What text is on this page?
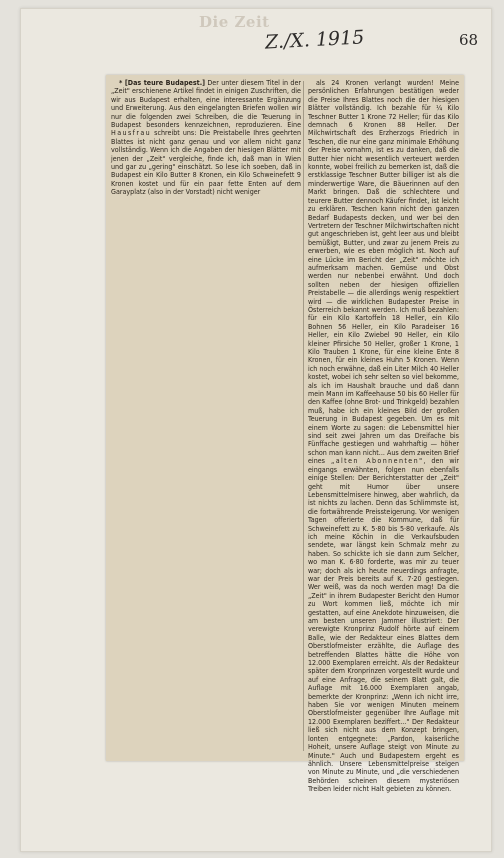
Die Zeit
Z./X. 1915	68

* [Das teure Budapest.] Der unter diesem Titel in der „Zeit" erschienene Artikel findet in einigen Zuschriften, die wir aus Budapest erhalten, eine interessante Ergänzung und Erweiterung. Aus den eingelangten Briefen wollen wir nur die folgenden zwei Schreiben, die die Teuerung in Budapest besonders kennzeichnen, reproduzieren. Eine Hausfrau schreibt uns: Die Preistabelle Ihres geehrten Blattes ist nicht ganz genau und vor allem nicht ganz vollständig. Wenn ich die Angaben der hiesigen Blätter mit jenen der „Zeit" vergleiche, finde ich, daß man in Wien und gar zu „gering" einschätzt. So lese ich soeben, daß in Budapest ein Kilo Butter 8 Kronen, ein Kilo Schweinefett 9 Kronen kostet und für ein paar fette Enten auf dem Garayplatz (also in der Vorstadt) nicht weniger

als 24 Kronen verlangt wurden! Meine persönlichen Erfahrungen bestätigen weder die Preise Ihres Blattes noch die der hiesigen Blätter vollständig. Ich bezahle für ¼ Kilo Teschner Butter 1 Krone 72 Heller; für das Kilo demnach 6 Kronen 88 Heller. Der Milchwirtschaft des Erzherzogs Friedrich in Teschen, die nur eine ganz minimale Erhöhung der Preise vornahm, ist es zu danken, daß die Butter hier nicht wesentlich verteuert werden konnte, wobei freilich zu bemerken ist, daß die erstklassige Teschner Butter billiger ist als die minderwertige Ware, die Bäuerinnen auf den Markt bringen. Daß die schlechtere und teurere Butter dennoch Käufer findet, ist leicht zu erklären. Teschen kann nicht den ganzen Bedarf Budapests decken, und wer bei den Vertretern der Teschner Milchwirtschaften nicht gut angeschrieben ist, geht leer aus und bleibt bemüßigt, Butter, und zwar zu jenem Preis zu erwerben, wie es eben möglich ist. Noch auf eine Lücke im Bericht der „Zeit" möchte ich aufmerksam machen. Gemüse und Obst werden nur nebenbei erwähnt. Und doch sollten neben der hiesigen offiziellen Preistabelle — die allerdings wenig respektiert wird — die wirklichen Budapester Preise in Österreich bekannt werden. Ich muß bezahlen: für ein Kilo Kartoffeln 18 Heller, ein Kilo Bohnen 56 Heller, ein Kilo Paradeiser 16 Heller, ein Kilo Zwiebel 90 Heller, ein Kilo kleiner Pfirsiche 50 Heller, großer 1 Krone, 1 Kilo Trauben 1 Krone, für eine kleine Ente 8 Kronen, für ein kleines Huhn 5 Kronen. Wenn ich noch erwähne, daß ein Liter Milch 40 Heller kostet, wobei ich sehr selten so viel bekomme, als ich im Haushalt brauche und daß dann mein Mann im Kaffeehause 50 bis 60 Heller für den Kaffee (ohne Brot- und Trinkgeld) bezahlen muß, habe ich ein kleines Bild der großen Teuerung in Budapest gegeben. Um es mit einem Worte zu sagen: die Lebensmittel hier sind seit zwei Jahren um das Dreifache bis Fünffache gestiegen und wahrhaftig — höher schon man kann nicht... Aus dem zweiten Brief eines „alten Abonnenten", den wir eingangs erwähnten, folgen nun ebenfalls einige Stellen: Der Berichterstatter der „Zeit" geht mit Humor über unsere Lebensmittelmisere hinweg, aber wahrlich, da ist nichts zu lachen. Denn das Schlimmste ist, die fortwährende Preissteigerung. Vor wenigen Tagen offerierte die Kommune, daß für Schweinefett zu K. 5·80 bis 5·80 verkaufe. Als ich meine Köchin in die Verkaufsbuden sendete, war längst kein Schmalz mehr zu haben. So schickte ich sie dann zum Selcher, wo man K. 6·80 forderte, was mir zu teuer war; doch als ich heute neuerdings anfragte, war der Preis bereits auf K. 7·20 gestiegen. Wer weiß, was da noch werden mag! Da die „Zeit" in ihrem Budapester Bericht den Humor zu Wort kommen ließ, möchte ich mir gestatten, auf eine Anekdote hinzuweisen, die am besten unseren Jammer illustriert: Der verewigte Kronprinz Rudolf hörte auf einem Balle, wie der Redakteur eines Blattes dem Oberstlofmeister erzählte, die Auflage des betreffenden Blattes hätte die Höhe von 12.000 Exemplaren erreicht. Als der Redakteur später dem Kronprinzen vorgestellt wurde und auf eine Anfrage, die seinem Blatt galt, die Auflage mit 16.000 Exemplaren angab, bemerkte der Kronprinz: „Wenn ich nicht irre, haben Sie vor wenigen Minuten meinem Oberstlofmeister gegenüber Ihre Auflage mit 12.000 Exemplaren beziffert..." Der Redakteur ließ sich nicht aus dem Konzept bringen, lonten entgegnete: „Pardon, kaiserliche Hoheit, unsere Auflage steigt von Minute zu Minute." Auch und Budapestern ergeht es ähnlich. Unsere Lebensmittelpreise steigen von Minute zu Minute, und „die verschiedenen Behörden scheinen diesem mysteriösen Treiben leider nicht Halt gebieten zu können.
